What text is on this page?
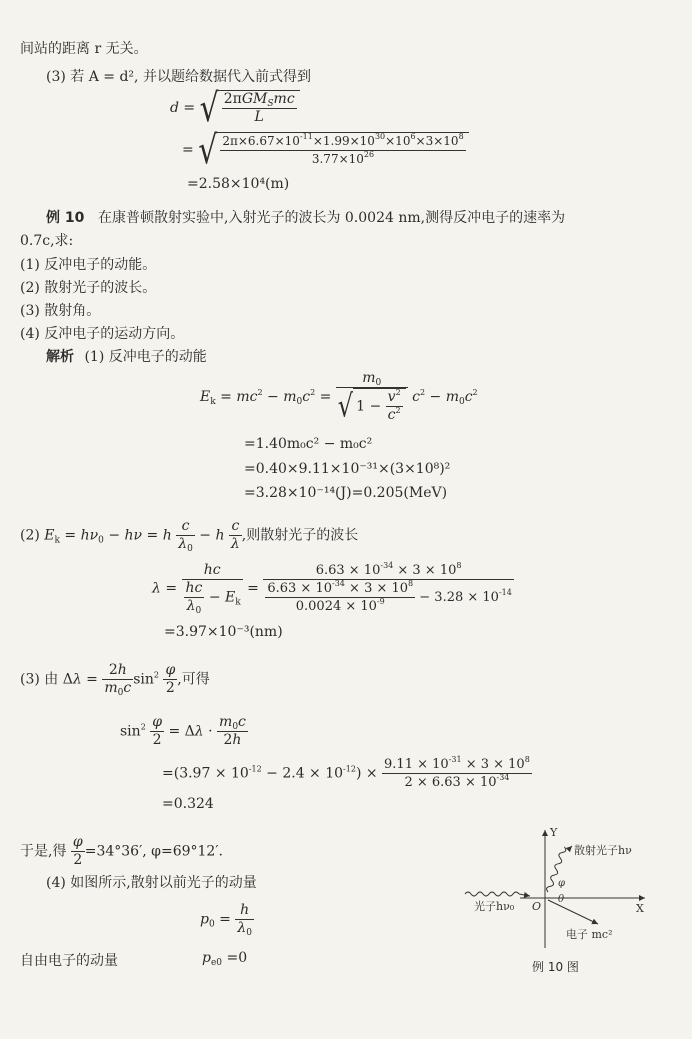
间站的距离 r 无关。
(3) 若 A = d², 并以题给数据代入前式得到
d = √ $\frac{2\pi GM_Smc}{L}$
= √ $\frac{2\pi\times 6.67\times 10^{-11}\times 1.99\times 10^{30}\times 10^6\times 3\times 10^8}{3.77\times 10^{26}}$
=2.58×10⁴(m)
例 10 在康普顿散射实验中,入射光子的波长为 0.0024 nm,测得反冲电子的速率为
0.7c,求:
(1) 反冲电子的动能。
(2) 散射光子的波长。
(3) 散射角。
(4) 反冲电子的运动方向。
解析 (1) 反冲电子的动能
$E_k = mc^2 - m_0c^2 = \frac{m_0}{√ 1 - \frac{v^2}{c^2}} c^2 - m_0c^2$
=1.40m₀c² − m₀c²
=0.40×9.11×10⁻³¹×(3×10⁸)²
=3.28×10⁻¹⁴(J)=0.205(MeV)
(2) $E_k = h\nu_0 - h\nu = h \frac{c}{\lambda_0} - h \frac{c}{\lambda}$ ,则散射光子的波长
$\lambda = \frac{hc}{\frac{hc}{\lambda_0} - E_k} = \frac{6.63 \times 10^{-34} \times 3 \times 10^8}{\frac{6.63 \times 10^{-34} \times 3 \times 10^8}{0.0024 \times 10^{-9}} - 3.28 \times 10^{-14}}$
=3.97×10⁻³(nm)
(3) 由 $\Delta\lambda = \frac{2h}{m_0c} \sin^2 \frac{\varphi}{2}$ ,可得
$\sin^2 \frac{\varphi}{2} = \Delta\lambda \cdot \frac{m_0c}{2h}$
$=(3.97 \times 10^{-12} - 2.4 \times 10^{-12}) \times \frac{9.11 \times 10^{-31} \times 3 \times 10^8}{2 \times 6.63 \times 10^{-34}}$
=0.324
于是,得 $\frac{\varphi}{2} =34^\circ 36'$, φ=69°12′.
(4) 如图所示,散射以前光子的动量
$p_0 = \frac{h}{\lambda_0}$
自由电子的动量	$p_{e0} =0$
Y
X
O
光子hν₀
散射光子hν
φ
θ
电子 mc²
例 10 图
